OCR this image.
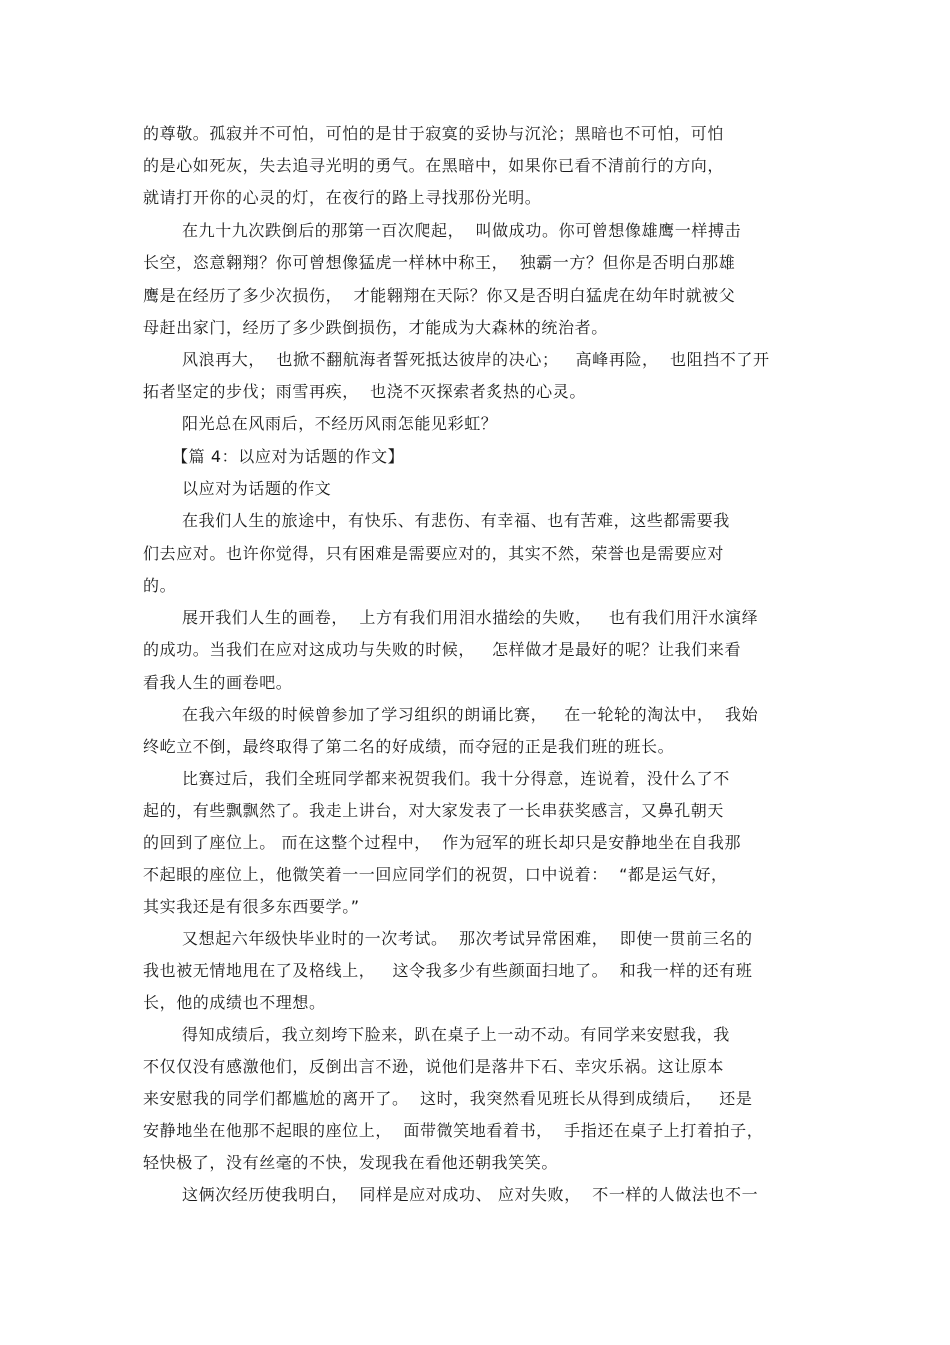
的尊敬。孤寂并不可怕，可怕的是甘于寂寞的妥协与沉沦；黑暗也不可怕，可怕
的是心如死灰，失去追寻光明的勇气。在黑暗中，如果你已看不清前行的方向，
就请打开你的心灵的灯，在夜行的路上寻找那份光明。
在九十九次跌倒后的那第一百次爬起，  叫做成功。你可曾想像雄鹰一样搏击
长空，恣意翱翔？你可曾想像猛虎一样林中称王，  独霸一方？但你是否明白那雄
鹰是在经历了多少次损伤，  才能翱翔在天际？你又是否明白猛虎在幼年时就被父
母赶出家门，经历了多少跌倒损伤，才能成为大森林的统治者。
风浪再大，  也掀不翻航海者誓死抵达彼岸的决心；   高峰再险，  也阻挡不了开
拓者坚定的步伐；雨雪再疾，  也浇不灭探索者炙热的心灵。
阳光总在风雨后，不经历风雨怎能见彩虹？
【篇 4：以应对为话题的作文】
以应对为话题的作文
在我们人生的旅途中，有快乐、有悲伤、有幸福、也有苦难，这些都需要我
们去应对。也许你觉得，只有困难是需要应对的，其实不然，荣誉也是需要应对
的。
展开我们人生的画卷，  上方有我们用泪水描绘的失败，   也有我们用汗水演绎
的成功。当我们在应对这成功与失败的时候，   怎样做才是最好的呢？让我们来看
看我人生的画卷吧。
在我六年级的时候曾参加了学习组织的朗诵比赛，   在一轮轮的淘汰中，  我始
终屹立不倒，最终取得了第二名的好成绩，而夺冠的正是我们班的班长。
比赛过后，我们全班同学都来祝贺我们。我十分得意，连说着，没什么了不
起的，有些飘飘然了。我走上讲台，对大家发表了一长串获奖感言，又鼻孔朝天
的回到了座位上。 而在这整个过程中，  作为冠军的班长却只是安静地坐在自我那
不起眼的座位上，他微笑着一一回应同学们的祝贺，口中说着：  “都是运气好，
其实我还是有很多东西要学。”
又想起六年级快毕业时的一次考试。  那次考试异常困难，  即使一贯前三名的
我也被无情地甩在了及格线上，   这令我多少有些颜面扫地了。  和我一样的还有班
长，他的成绩也不理想。
得知成绩后，我立刻垮下脸来，趴在桌子上一动不动。有同学来安慰我，我
不仅仅没有感激他们，反倒出言不逊，说他们是落井下石、幸灾乐祸。这让原本
来安慰我的同学们都尴尬的离开了。  这时，我突然看见班长从得到成绩后，   还是
安静地坐在他那不起眼的座位上，  面带微笑地看着书，  手指还在桌子上打着拍子，
轻快极了，没有丝毫的不快，发现我在看他还朝我笑笑。
这俩次经历使我明白，  同样是应对成功、 应对失败，  不一样的人做法也不一
